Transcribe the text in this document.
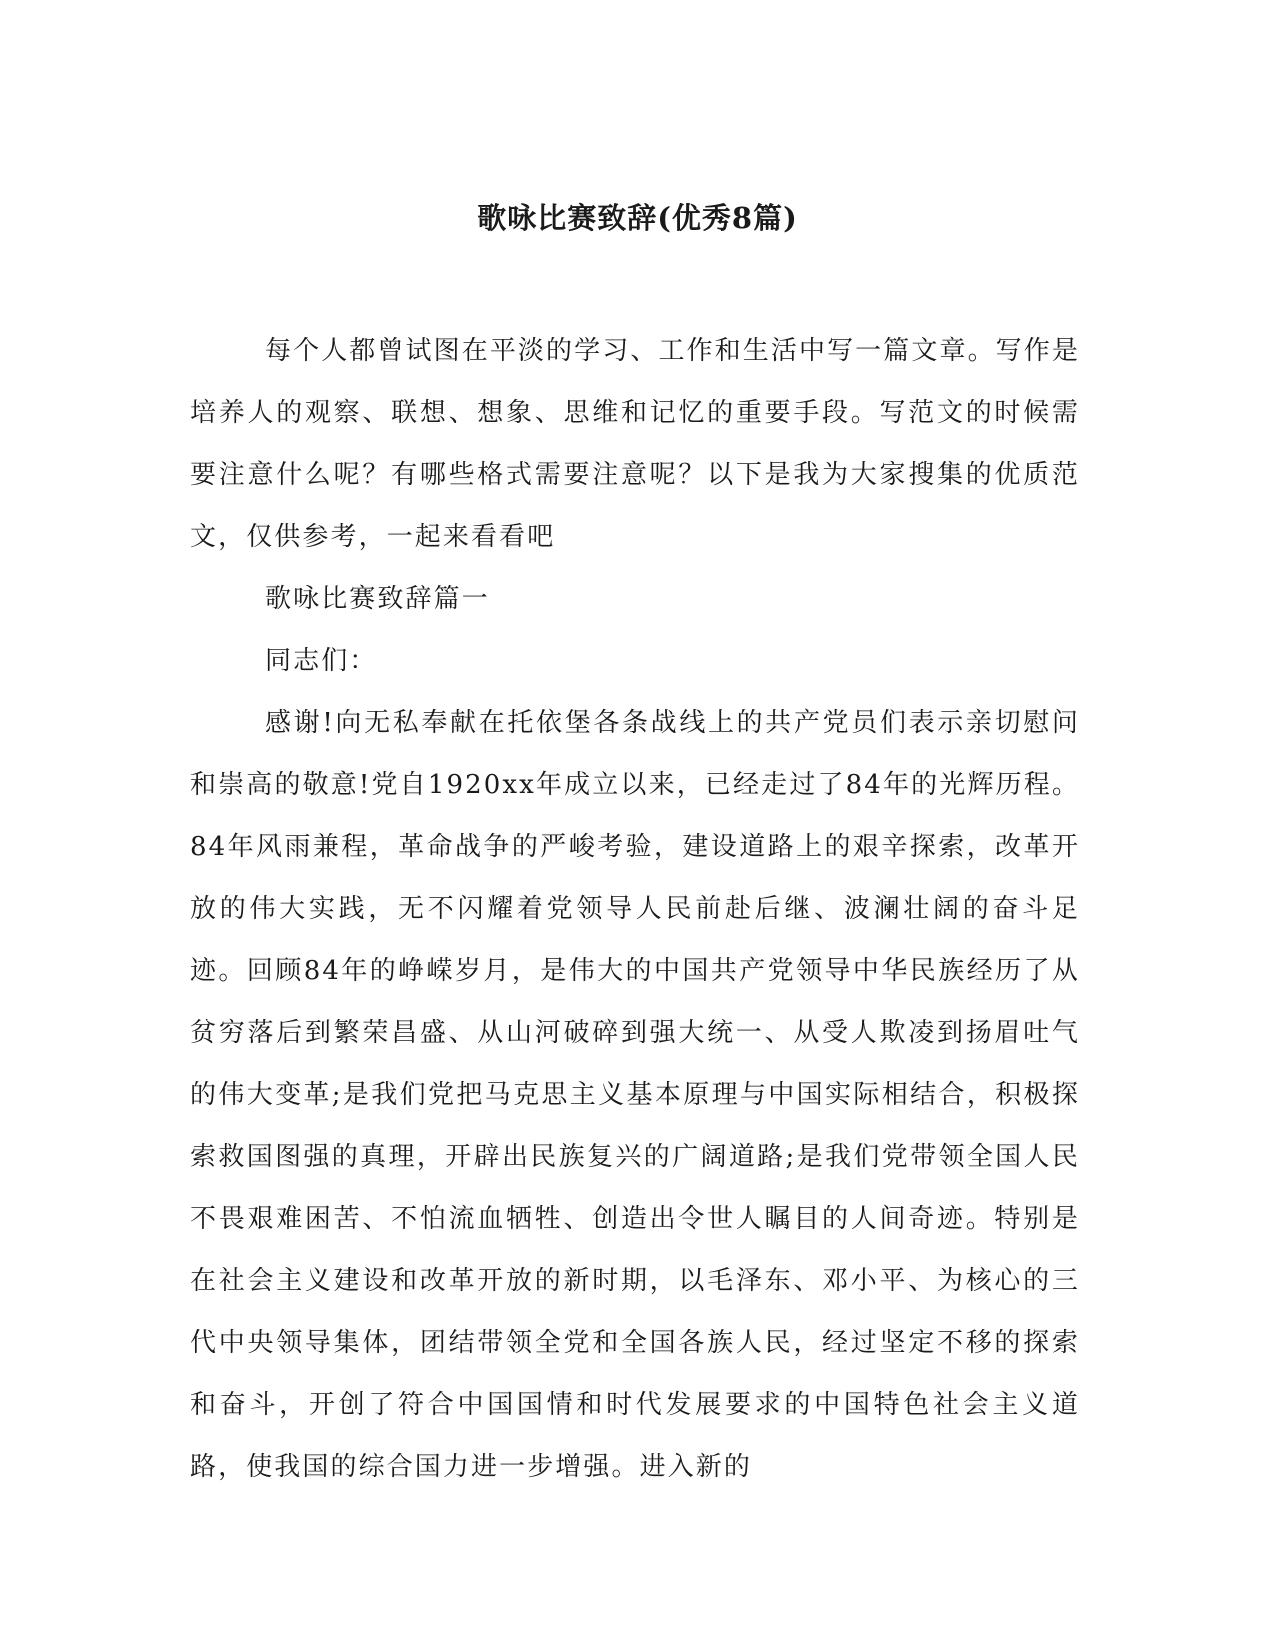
歌咏比赛致辞(优秀8篇)

每个人都曾试图在平淡的学习、工作和生活中写一篇文章。写作是培养人的观察、联想、想象、思维和记忆的重要手段。写范文的时候需要注意什么呢？有哪些格式需要注意呢？以下是我为大家搜集的优质范文，仅供参考，一起来看看吧

歌咏比赛致辞篇一

同志们：

感谢!向无私奉献在托依堡各条战线上的共产党员们表示亲切慰问和崇高的敬意!党自1920xx年成立以来，已经走过了84年的光辉历程。84年风雨兼程，革命战争的严峻考验，建设道路上的艰辛探索，改革开放的伟大实践，无不闪耀着党领导人民前赴后继、波澜壮阔的奋斗足迹。回顾84年的峥嵘岁月，是伟大的中国共产党领导中华民族经历了从贫穷落后到繁荣昌盛、从山河破碎到强大统一、从受人欺凌到扬眉吐气的伟大变革;是我们党把马克思主义基本原理与中国实际相结合，积极探索救国图强的真理，开辟出民族复兴的广阔道路;是我们党带领全国人民不畏艰难困苦、不怕流血牺牲、创造出令世人瞩目的人间奇迹。特别是在社会主义建设和改革开放的新时期，以毛泽东、邓小平、为核心的三代中央领导集体，团结带领全党和全国各族人民，经过坚定不移的探索和奋斗，开创了符合中国国情和时代发展要求的中国特色社会主义道路，使我国的综合国力进一步增强。进入新的
